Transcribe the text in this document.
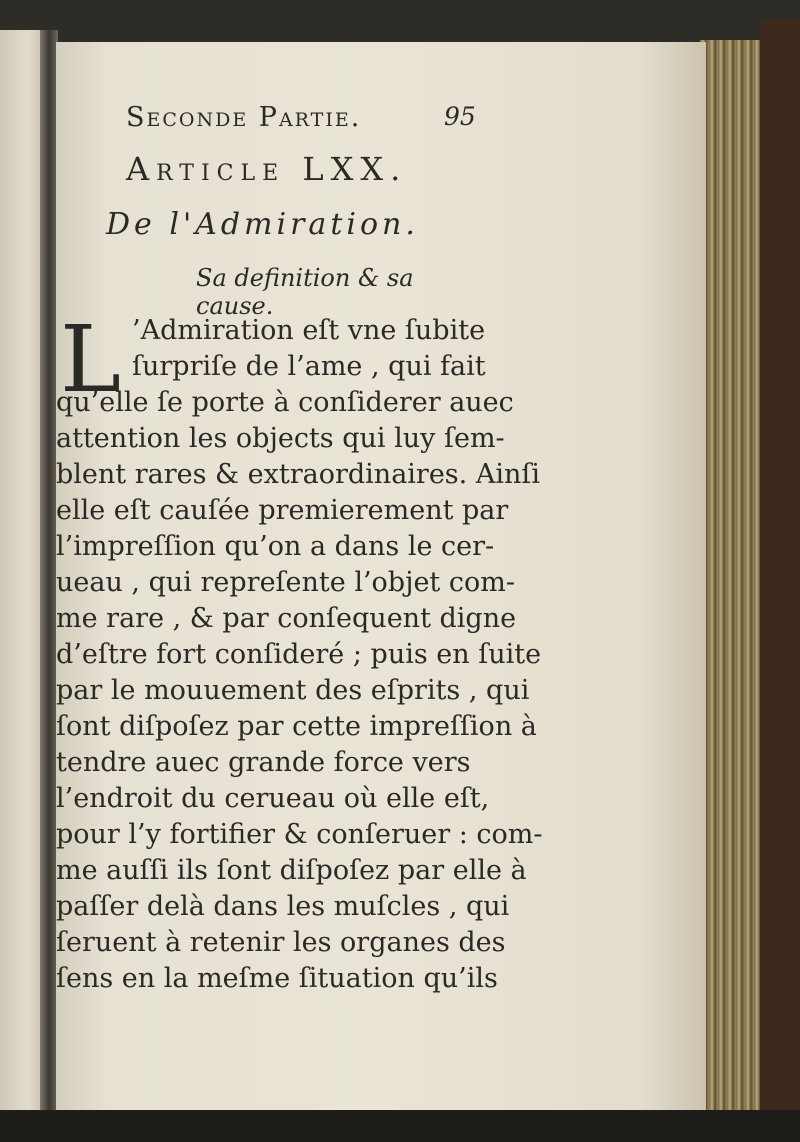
Seconde Partie.	95
Article LXX.
De l'Admiration.
Sa definition & sa cause.
L ’Admiration eſt vne ſubite
ſurpriſe de l’ame , qui fait
qu’elle ſe porte à conſiderer auec
attention les objects qui luy ſem-
blent rares & extraordinaires. Ainſi
elle eſt cauſée premierement par
l’impreſſion qu’on a dans le cer-
ueau , qui repreſente l’objet com-
me rare , & par conſequent digne
d’eſtre fort conſideré ; puis en ſuite
par le mouuement des eſprits , qui
ſont diſpoſez par cette impreſſion à
tendre auec grande force vers
l’endroit du cerueau où elle eſt,
pour l’y fortifier & conſeruer : com-
me auſſi ils ſont diſpoſez par elle à
paſſer delà dans les muſcles , qui
ſeruent à retenir les organes des
ſens en la meſme ſituation qu’ils
